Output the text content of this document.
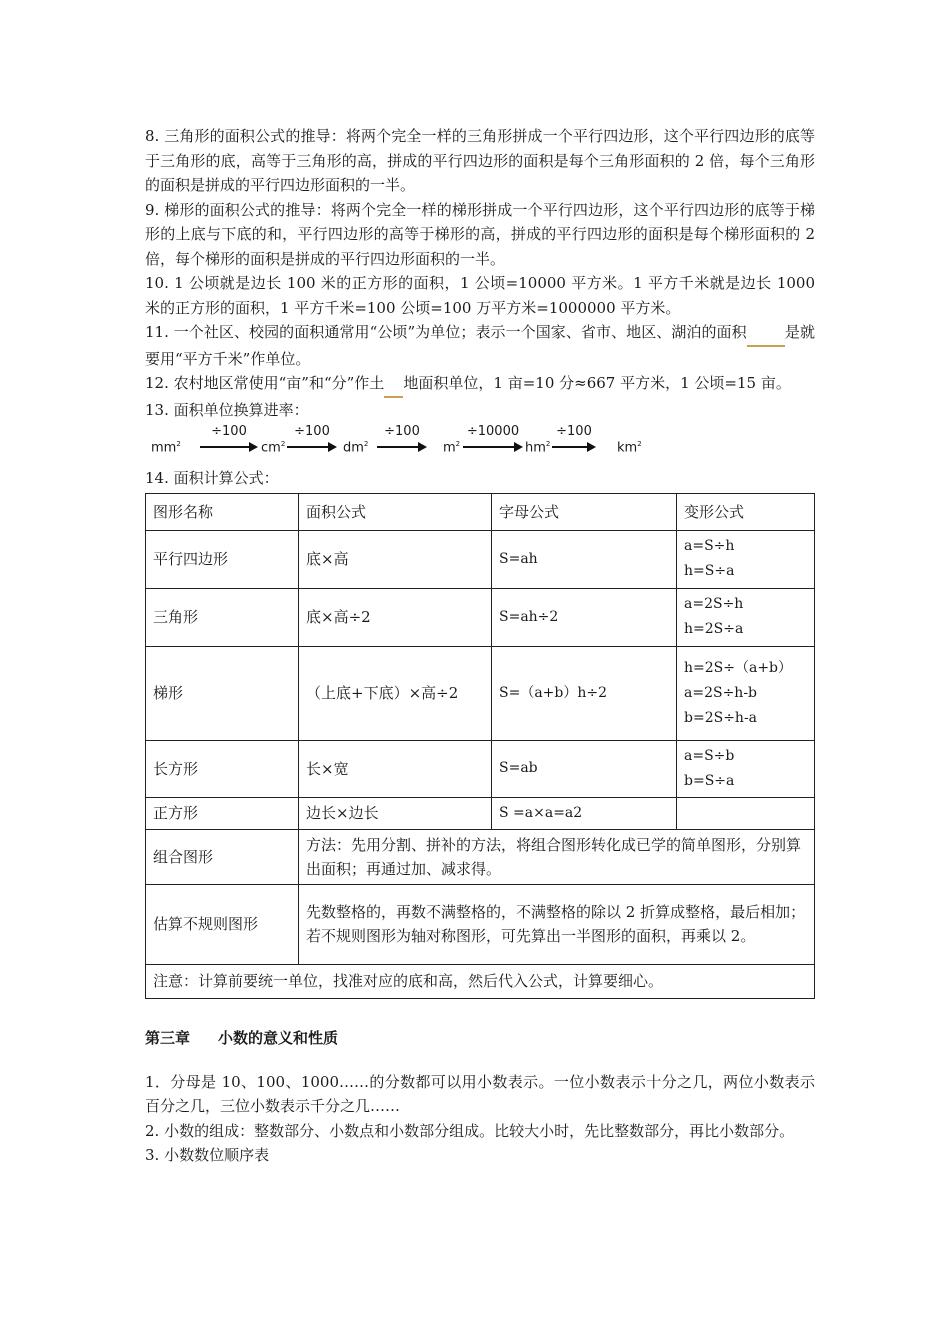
8. 三角形的面积公式的推导：将两个完全一样的三角形拼成一个平行四边形，这个平行四边形的底等于三角形的底，高等于三角形的高，拼成的平行四边形的面积是每个三角形面积的 2 倍，每个三角形的面积是拼成的平行四边形面积的一半。

9. 梯形的面积公式的推导：将两个完全一样的梯形拼成一个平行四边形，这个平行四边形的底等于梯形的上底与下底的和，平行四边形的高等于梯形的高，拼成的平行四边形的面积是每个梯形面积的 2 倍，每个梯形的面积是拼成的平行四边形面积的一半。

10. 1 公顷就是边长 100 米的正方形的面积，1 公顷=10000 平方米。1 平方千米就是边长 1000 米的正方形的面积，1 平方千米=100 公顷=100 万平方米=1000000 平方米。

11. 一个社区、校园的面积通常用“公顷”为单位；表示一个国家、省市、地区、湖泊的面积​        是就要用“平方千米”作单位。

12. 农村地区常使用“亩”和“分”作土​    地面积单位，1 亩=10 分≈667 平方米，1 公顷=15 亩。

13. 面积单位换算进率：

$mm^2$
÷100
$cm^2$
÷100
$dm^2$
÷100
$m^2$
÷10000
$hm^2$
÷100
$km^2$

14. 面积计算公式：

图形名称	面积公式	字母公式	变形公式
平行四边形	底×高	S=ah	a=S÷h
h=S÷a

三角形	底×高÷2	S=ah÷2	a=2S÷h
h=2S÷a

梯形	（上底+下底）×高÷2	S=（a+b）h÷2	h=2S÷（a+b）
a=2S÷h-b
b=2S÷h-a

长方形	长×宽	S=ab	a=S÷b
b=S÷a

正方形	边长×边长	S =a×a=a2	
组合图形	方法：先用分割、拼补的方法，将组合图形转化成已学的简单图形，分别算出面积；再通过加、减求得。		
估算不规则图形	先数整格的，再数不满整格的，不满整格的除以 2 折算成整格，最后相加；若不规则图形为轴对称图形，可先算出一半图形的面积，再乘以 2。		
注意：计算前要统一单位，找准对应的底和高，然后代入公式，计算要细心。			
第三章 小数的意义和性质

1．分母是 10、100、1000……的分数都可以用小数表示。一位小数表示十分之几，两位小数表示百分之几，三位小数表示千分之几……

2. 小数的组成：整数部分、小数点和小数部分组成。比较大小时，先比整数部分，再比小数部分。

3. 小数数位顺序表
